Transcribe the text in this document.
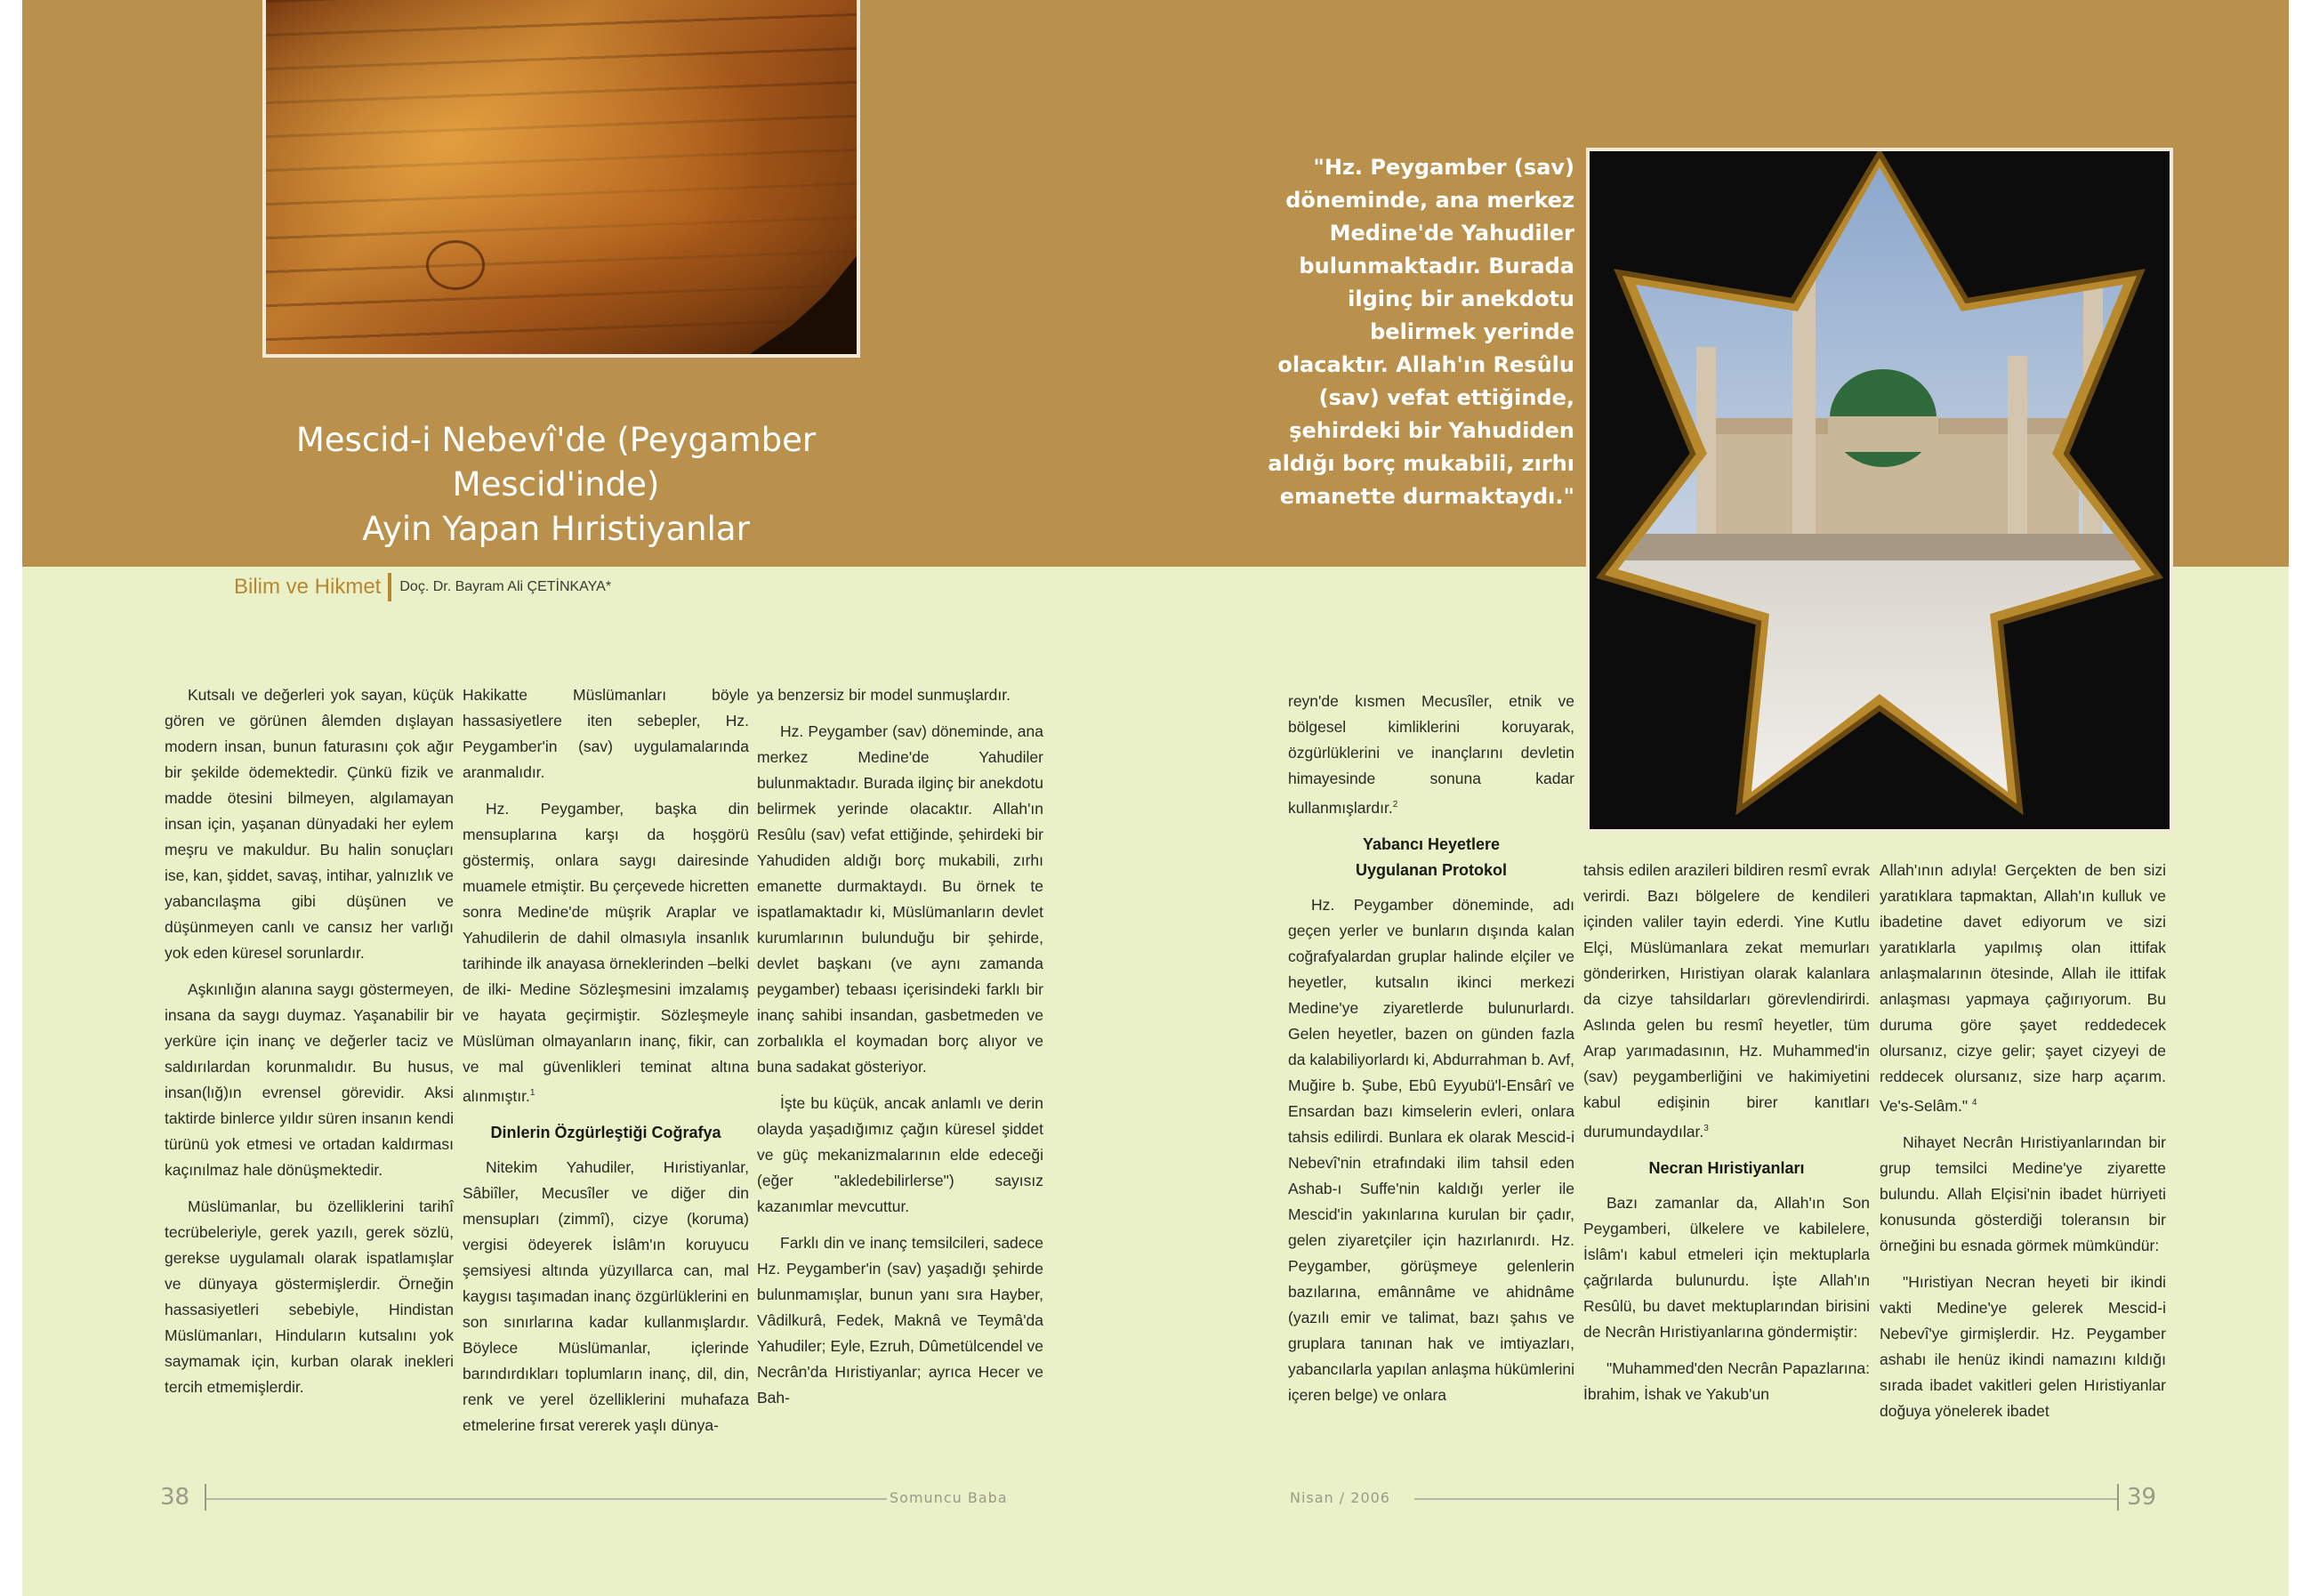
Mescid-i Nebevî'de (Peygamber Mescid'inde)
Ayin Yapan Hıristiyanlar
"Hz. Peygamber (sav) döneminde, ana merkez Medine'de Yahudiler bulunmaktadır. Burada ilginç bir anekdotu belirmek yerinde olacaktır. Allah'ın Resûlu (sav) vefat ettiğinde, şehirdeki bir Yahudiden aldığı borç mukabili, zırhı emanette durmaktaydı."
Bilim ve Hikmet Doç. Dr. Bayram Ali ÇETİNKAYA*

Kutsalı ve değerleri yok sayan, küçük gören ve görünen âlemden dışlayan modern insan, bunun faturasını çok ağır bir şekilde ödemektedir. Çünkü fizik ve madde ötesini bilmeyen, algılamayan insan için, yaşanan dünyadaki her eylem meşru ve makuldur. Bu halin sonuçları ise, kan, şiddet, savaş, intihar, yalnızlık ve yabancılaşma gibi düşünen ve düşünmeyen canlı ve cansız her varlığı yok eden küresel sorunlardır.

Aşkınlığın alanına saygı göstermeyen, insana da saygı duymaz. Yaşanabilir bir yerküre için inanç ve değerler taciz ve saldırılardan korunmalıdır. Bu husus, insan(lığ)ın evrensel görevidir. Aksi taktirde binlerce yıldır süren insanın kendi türünü yok etmesi ve ortadan kaldırması kaçınılmaz hale dönüşmektedir.

Müslümanlar, bu özelliklerini tarihî tecrübeleriyle, gerek yazılı, gerek sözlü, gerekse uygulamalı olarak ispatlamışlar ve dünyaya göstermişlerdir. Örneğin hassasiyetleri sebebiyle, Hindistan Müslümanları, Hinduların kutsalını yok saymamak için, kurban olarak inekleri tercih etmemişlerdir.

Hakikatte Müslümanları böyle hassasiyetlere iten sebepler, Hz. Peygamber'in (sav) uygulamalarında aranmalıdır.

Hz. Peygamber, başka din mensuplarına karşı da hoşgörü göstermiş, onlara saygı dairesinde muamele etmiştir. Bu çerçevede hicretten sonra Medine'de müşrik Araplar ve Yahudilerin de dahil olmasıyla insanlık tarihinde ilk anayasa örneklerinden –belki de ilki- Medine Sözleşmesini imzalamış ve hayata geçirmiştir. Sözleşmeyle Müslüman olmayanların inanç, fikir, can ve mal güvenlikleri teminat altına alınmıştır.$^1$

Dinlerin Özgürleştiği Coğrafya

Nitekim Yahudiler, Hıristiyanlar, Sâbiîler, Mecusîler ve diğer din mensupları (zimmî), cizye (koruma) vergisi ödeyerek İslâm'ın koruyucu şemsiyesi altında yüzyıllarca can, mal kaygısı taşımadan inanç özgürlüklerini en son sınırlarına kadar kullanmışlardır. Böylece Müslümanlar, içlerinde barındırdıkları toplumların inanç, dil, din, renk ve yerel özelliklerini muhafaza etmelerine fırsat vererek yaşlı dünya-

ya benzersiz bir model sunmuşlardır.

Hz. Peygamber (sav) döneminde, ana merkez Medine'de Yahudiler bulunmaktadır. Burada ilginç bir anekdotu belirmek yerinde olacaktır. Allah'ın Resûlu (sav) vefat ettiğinde, şehirdeki bir Yahudiden aldığı borç mukabili, zırhı emanette durmaktaydı. Bu örnek te ispatlamaktadır ki, Müslümanların devlet kurumlarının bulunduğu bir şehirde, devlet başkanı (ve aynı zamanda peygamber) tebaası içerisindeki farklı bir inanç sahibi insandan, gasbetmeden ve zorbalıkla el koymadan borç alıyor ve buna sadakat gösteriyor.

İşte bu küçük, ancak anlamlı ve derin olayda yaşadığımız çağın küresel şiddet ve güç mekanizmalarının elde edeceği (eğer "akledebilirlerse") sayısız kazanımlar mevcuttur.

Farklı din ve inanç temsilcileri, sadece Hz. Peygamber'in (sav) yaşadığı şehirde bulunmamışlar, bunun yanı sıra Hayber, Vâdilkurâ, Fedek, Maknâ ve Teymâ'da Yahudiler; Eyle, Ezruh, Dûmetülcendel ve Necrân'da Hıristiyanlar; ayrıca Hecer ve Bah-

reyn'de kısmen Mecusîler, etnik ve bölgesel kimliklerini koruyarak, özgürlüklerini ve inançlarını devletin himayesinde sonuna kadar kullanmışlardır.$^2$

Yabancı Heyetlere
Uygulanan Protokol

Hz. Peygamber döneminde, adı geçen yerler ve bunların dışında kalan coğrafyalardan gruplar halinde elçiler ve heyetler, kutsalın ikinci merkezi Medine'ye ziyaretlerde bulunurlardı. Gelen heyetler, bazen on günden fazla da kalabiliyorlardı ki, Abdurrahman b. Avf, Muğire b. Şube, Ebû Eyyubü'l-Ensârî ve Ensardan bazı kimselerin evleri, onlara tahsis edilirdi. Bunlara ek olarak Mescid-i Nebevî'nin etrafındaki ilim tahsil eden Ashab-ı Suffe'nin kaldığı yerler ile Mescid'in yakınlarına kurulan bir çadır, gelen ziyaretçiler için hazırlanırdı. Hz. Peygamber, görüşmeye gelenlerin bazılarına, emânnâme ve ahidnâme (yazılı emir ve talimat, bazı şahıs ve gruplara tanınan hak ve imtiyazları, yabancılarla yapılan anlaşma hükümlerini içeren belge) ve onlara

tahsis edilen arazileri bildiren resmî evrak verirdi. Bazı bölgelere de kendileri içinden valiler tayin ederdi. Yine Kutlu Elçi, Müslümanlara zekat memurları gönderirken, Hıristiyan olarak kalanlara da cizye tahsildarları görevlendirirdi. Aslında gelen bu resmî heyetler, tüm Arap yarımadasının, Hz. Muhammed'in (sav) peygamberliğini ve hakimiyetini kabul edişinin birer kanıtları durumundaydılar.$^3$

Necran Hıristiyanları

Bazı zamanlar da, Allah'ın Son Peygamberi, ülkelere ve kabilelere, İslâm'ı kabul etmeleri için mektuplarla çağrılarda bulunurdu. İşte Allah'ın Resûlü, bu davet mektuplarından birisini de Necrân Hıristiyanlarına göndermiştir:

"Muhammed'den Necrân Papazlarına: İbrahim, İshak ve Yakub'un

Allah'ının adıyla! Gerçekten de ben sizi yaratıklara tapmaktan, Allah'ın kulluk ve ibadetine davet ediyorum ve sizi yaratıklarla yapılmış olan ittifak anlaşmalarının ötesinde, Allah ile ittifak anlaşması yapmaya çağırıyorum. Bu duruma göre şayet reddedecek olursanız, cizye gelir; şayet cizyeyi de reddecek olursanız, size harp açarım. Ve's-Selâm." $^4$

Nihayet Necrân Hıristiyanlarından bir grup temsilci Medine'ye ziyarette bulundu. Allah Elçisi'nin ibadet hürriyeti konusunda gösterdiği toleransın bir örneğini bu esnada görmek mümkündür:

"Hıristiyan Necran heyeti bir ikindi vakti Medine'ye gelerek Mescid-i Nebevî'ye girmişlerdir. Hz. Peygamber ashabı ile henüz ikindi namazını kıldığı sırada ibadet vakitleri gelen Hıristiyanlar doğuya yönelerek ibadet

38	Somuncu Baba	Nisan / 2006	39
